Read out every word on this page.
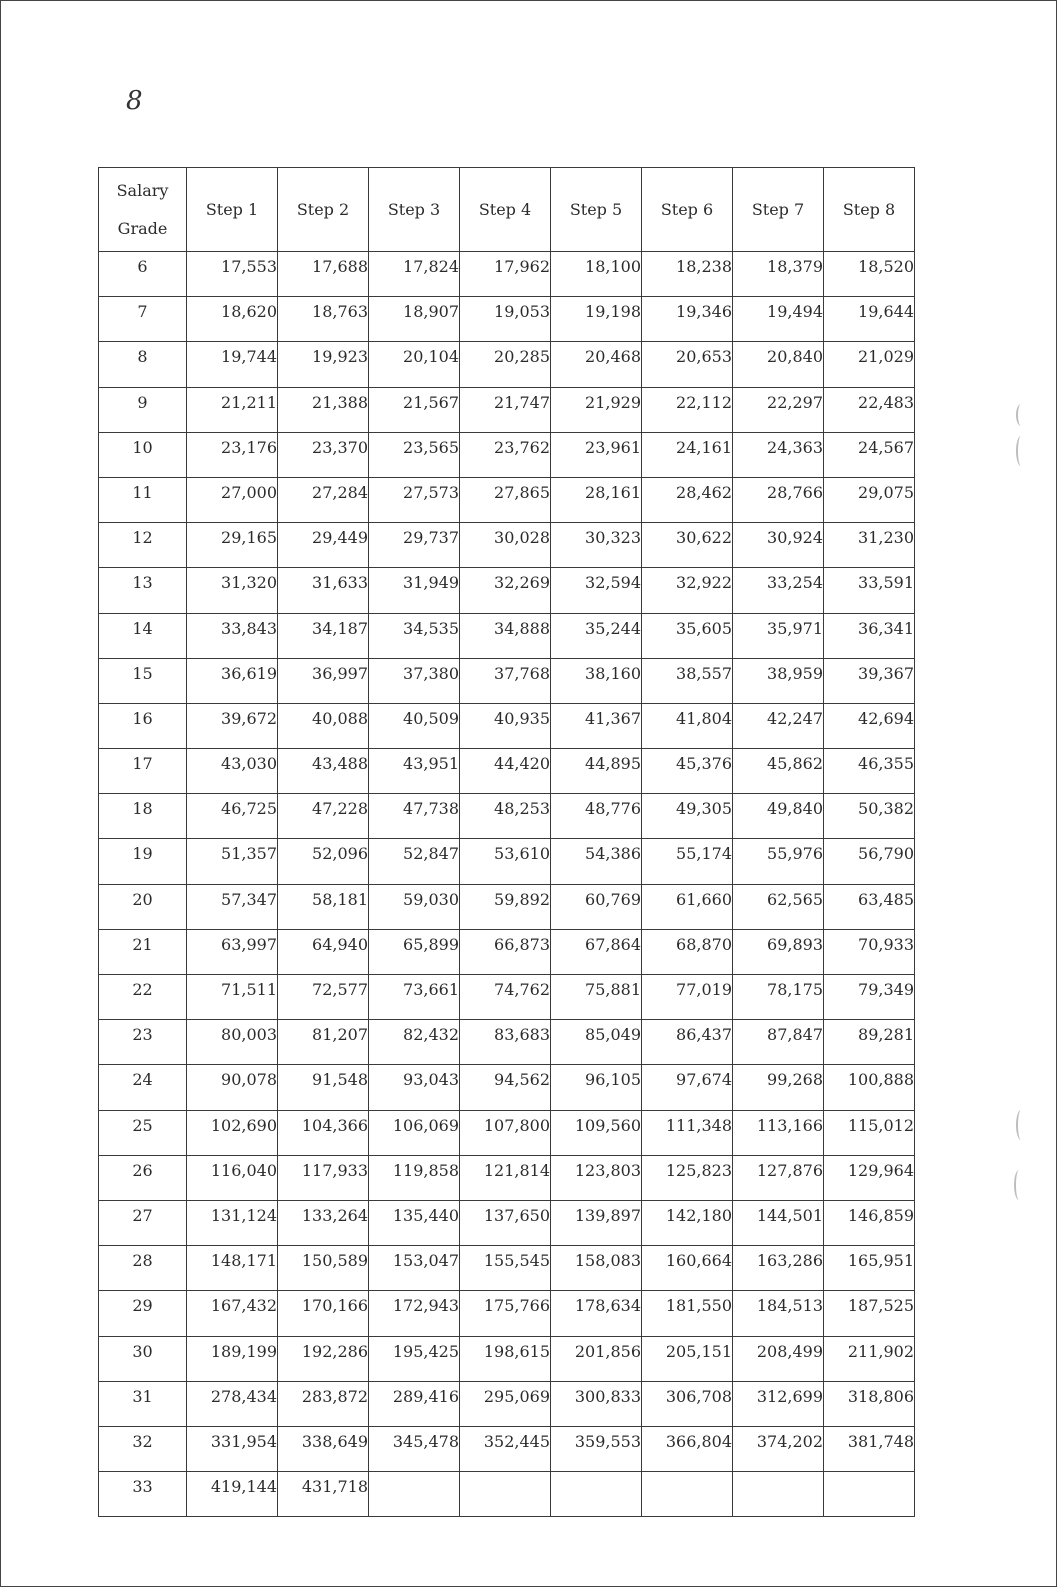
8
Salary
Grade	Step 1	Step 2	Step 3	Step 4	Step 5	Step 6	Step 7	Step 8
6	17,553	17,688	17,824	17,962	18,100	18,238	18,379	18,520
7	18,620	18,763	18,907	19,053	19,198	19,346	19,494	19,644
8	19,744	19,923	20,104	20,285	20,468	20,653	20,840	21,029
9	21,211	21,388	21,567	21,747	21,929	22,112	22,297	22,483
10	23,176	23,370	23,565	23,762	23,961	24,161	24,363	24,567
11	27,000	27,284	27,573	27,865	28,161	28,462	28,766	29,075
12	29,165	29,449	29,737	30,028	30,323	30,622	30,924	31,230
13	31,320	31,633	31,949	32,269	32,594	32,922	33,254	33,591
14	33,843	34,187	34,535	34,888	35,244	35,605	35,971	36,341
15	36,619	36,997	37,380	37,768	38,160	38,557	38,959	39,367
16	39,672	40,088	40,509	40,935	41,367	41,804	42,247	42,694
17	43,030	43,488	43,951	44,420	44,895	45,376	45,862	46,355
18	46,725	47,228	47,738	48,253	48,776	49,305	49,840	50,382
19	51,357	52,096	52,847	53,610	54,386	55,174	55,976	56,790
20	57,347	58,181	59,030	59,892	60,769	61,660	62,565	63,485
21	63,997	64,940	65,899	66,873	67,864	68,870	69,893	70,933
22	71,511	72,577	73,661	74,762	75,881	77,019	78,175	79,349
23	80,003	81,207	82,432	83,683	85,049	86,437	87,847	89,281
24	90,078	91,548	93,043	94,562	96,105	97,674	99,268	100,888
25	102,690	104,366	106,069	107,800	109,560	111,348	113,166	115,012
26	116,040	117,933	119,858	121,814	123,803	125,823	127,876	129,964
27	131,124	133,264	135,440	137,650	139,897	142,180	144,501	146,859
28	148,171	150,589	153,047	155,545	158,083	160,664	163,286	165,951
29	167,432	170,166	172,943	175,766	178,634	181,550	184,513	187,525
30	189,199	192,286	195,425	198,615	201,856	205,151	208,499	211,902
31	278,434	283,872	289,416	295,069	300,833	306,708	312,699	318,806
32	331,954	338,649	345,478	352,445	359,553	366,804	374,202	381,748
33	419,144	431,718						
